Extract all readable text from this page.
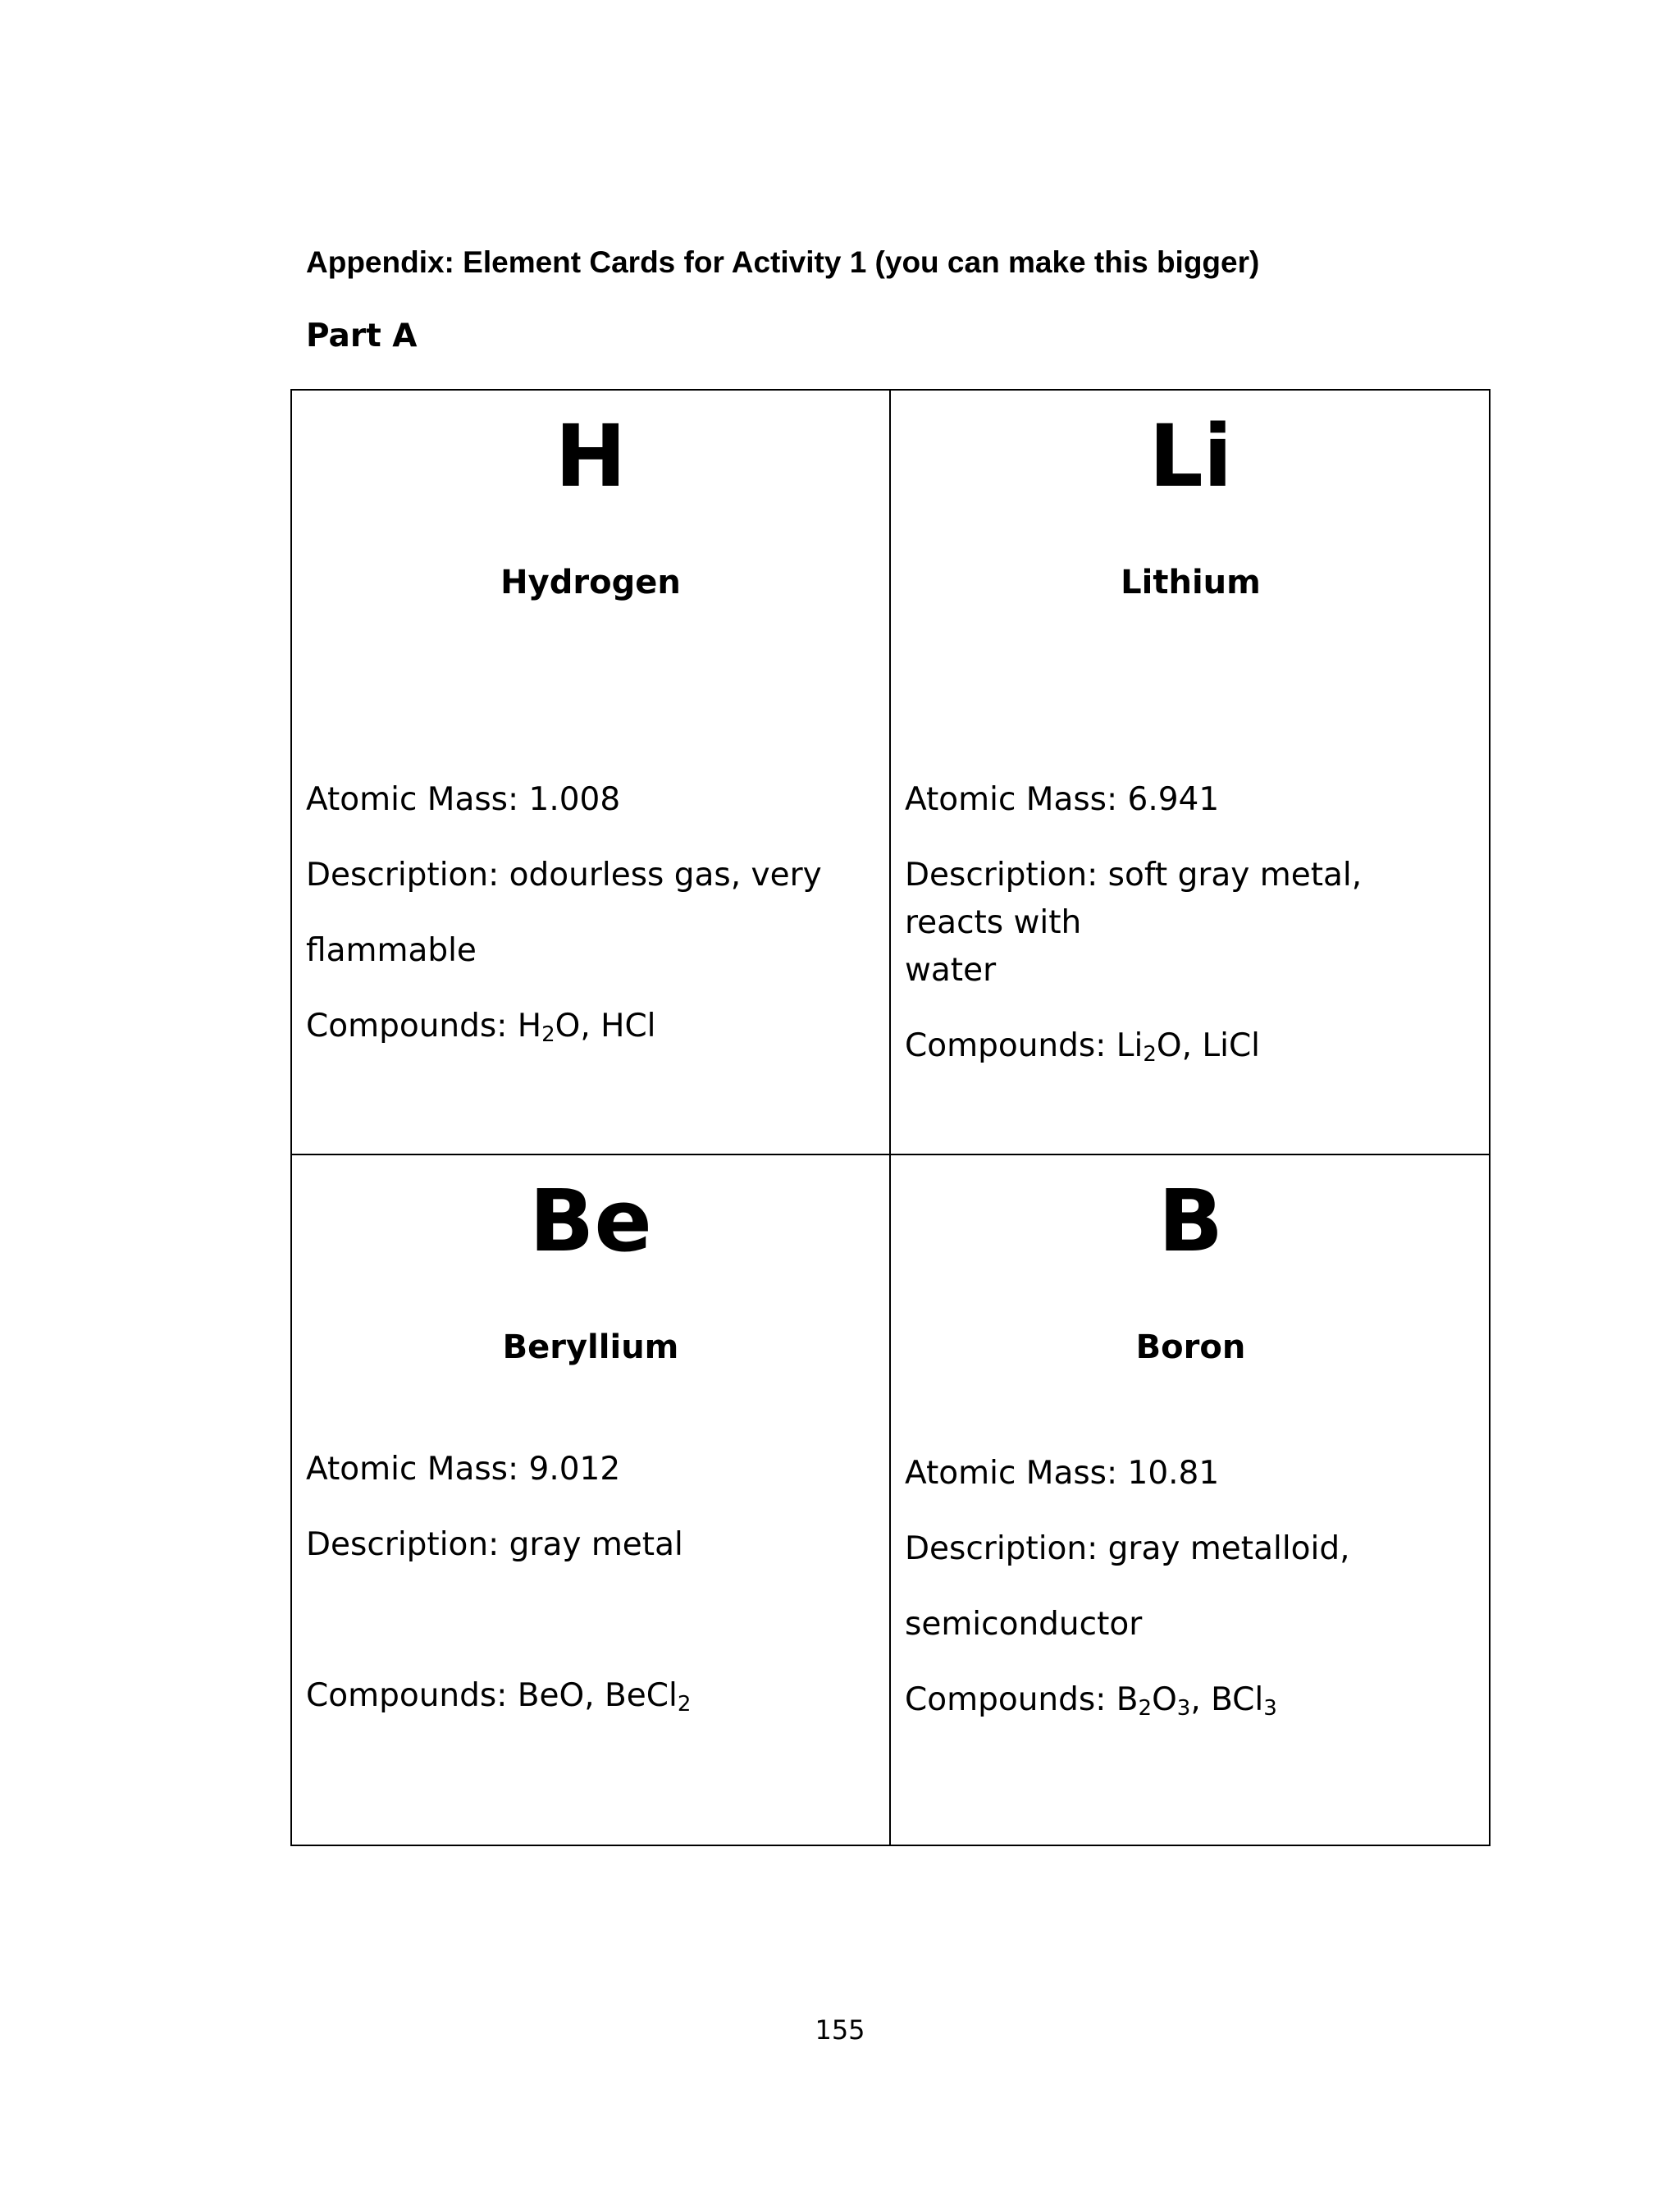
Appendix: Element Cards for Activity 1 (you can make this bigger)
Part A
H
Hydrogen

Atomic Mass: 1.008

Description: odourless gas, very
flammable

Compounds: $H_2O$, HCl

Li
Lithium

Atomic Mass: 6.941

Description: soft gray metal, reacts with

water

Compounds: $Li_2O$, LiCl

Be
Beryllium

Atomic Mass: 9.012

Description: gray metal

Compounds: BeO, BeCl$_2$

B
Boron

Atomic Mass: 10.81

Description: gray metalloid,

semiconductor

Compounds: $B_2O_3$, BCl$_3$

155
